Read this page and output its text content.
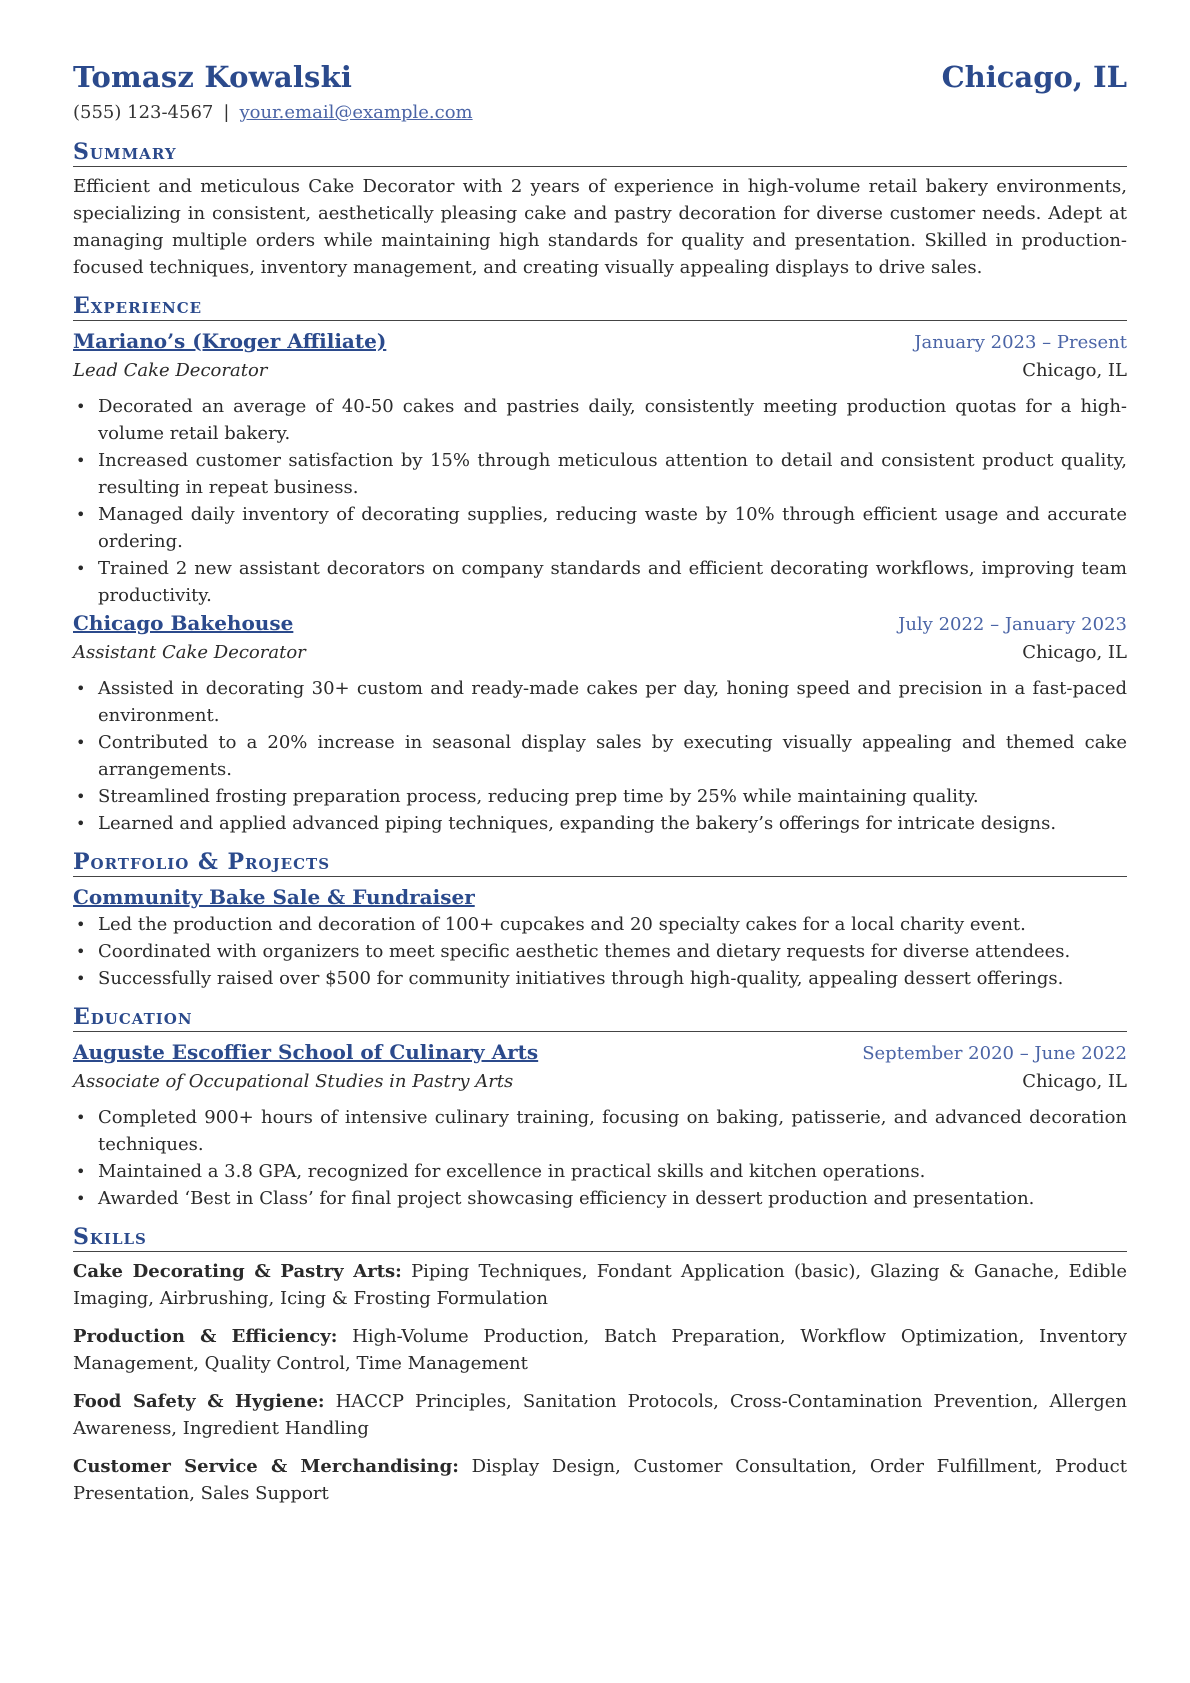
Tomasz Kowalski	Chicago, IL
(555) 123-4567 | your.email@example.com
Summary
Efficient and meticulous Cake Decorator with 2 years of experience in high-volume retail bakery environments, specializing in consistent, aesthetically pleasing cake and pastry decoration for diverse customer needs. Adept at managing multiple orders while maintaining high standards for quality and presentation. Skilled in production-focused techniques, inventory management, and creating visually appealing displays to drive sales.
Experience
Mariano’s (Kroger Affiliate)	January 2023 – Present
Lead Cake Decorator	Chicago, IL
• Decorated an average of 40-50 cakes and pastries daily, consistently meeting production quotas for a high-volume retail bakery.
• Increased customer satisfaction by 15% through meticulous attention to detail and consistent product quality, resulting in repeat business.
• Managed daily inventory of decorating supplies, reducing waste by 10% through efficient usage and accurate ordering.
• Trained 2 new assistant decorators on company standards and efficient decorating workflows, improving team productivity.
Chicago Bakehouse	July 2022 – January 2023
Assistant Cake Decorator	Chicago, IL
• Assisted in decorating 30+ custom and ready-made cakes per day, honing speed and precision in a fast-paced environment.
• Contributed to a 20% increase in seasonal display sales by executing visually appealing and themed cake arrangements.
• Streamlined frosting preparation process, reducing prep time by 25% while maintaining quality.
• Learned and applied advanced piping techniques, expanding the bakery’s offerings for intricate designs.
Portfolio & Projects
Community Bake Sale & Fundraiser
• Led the production and decoration of 100+ cupcakes and 20 specialty cakes for a local charity event.
• Coordinated with organizers to meet specific aesthetic themes and dietary requests for diverse attendees.
• Successfully raised over $500 for community initiatives through high-quality, appealing dessert offerings.
Education
Auguste Escoffier School of Culinary Arts	September 2020 – June 2022
Associate of Occupational Studies in Pastry Arts	Chicago, IL
• Completed 900+ hours of intensive culinary training, focusing on baking, patisserie, and advanced decoration techniques.
• Maintained a 3.8 GPA, recognized for excellence in practical skills and kitchen operations.
• Awarded ‘Best in Class’ for final project showcasing efficiency in dessert production and presentation.
Skills
Cake Decorating & Pastry Arts: Piping Techniques, Fondant Application (basic), Glazing & Ganache, Edible Imaging, Airbrushing, Icing & Frosting Formulation
Production & Efficiency: High-Volume Production, Batch Preparation, Workflow Optimization, Inventory Management, Quality Control, Time Management
Food Safety & Hygiene: HACCP Principles, Sanitation Protocols, Cross-Contamination Prevention, Allergen Awareness, Ingredient Handling
Customer Service & Merchandising: Display Design, Customer Consultation, Order Fulfillment, Product Presentation, Sales Support
